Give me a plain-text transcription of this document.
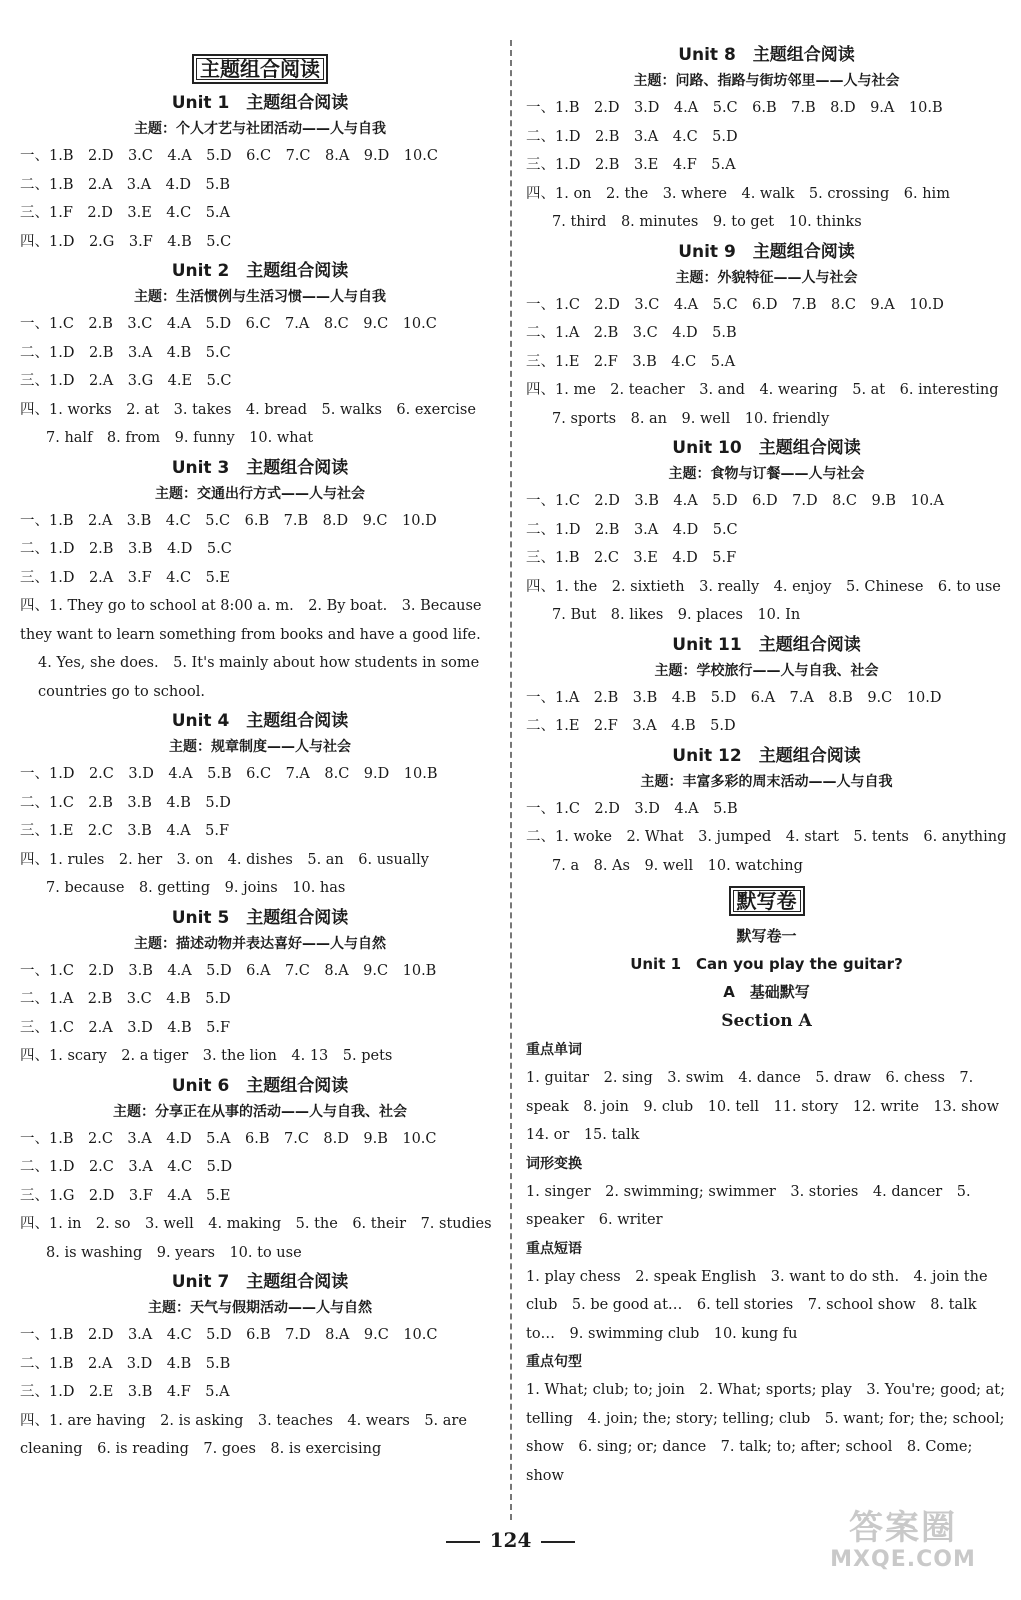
主题组合阅读
Unit 1　主题组合阅读
主题：个人才艺与社团活动——人与自我
一、1.B　2.D　3.C　4.A　5.D　6.C　7.C　8.A　9.D　10.C
二、1.B　2.A　3.A　4.D　5.B
三、1.F　2.D　3.E　4.C　5.A
四、1.D　2.G　3.F　4.B　5.C
Unit 2　主题组合阅读
主题：生活惯例与生活习惯——人与自我
一、1.C　2.B　3.C　4.A　5.D　6.C　7.A　8.C　9.C　10.C
二、1.D　2.B　3.A　4.B　5.C
三、1.D　2.A　3.G　4.E　5.C
四、1. works　2. at　3. takes　4. bread　5. walks　6. exercise
7. half　8. from　9. funny　10. what
Unit 3　主题组合阅读
主题：交通出行方式——人与社会
一、1.B　2.A　3.B　4.C　5.C　6.B　7.B　8.D　9.C　10.D
二、1.D　2.B　3.B　4.D　5.C
三、1.D　2.A　3.F　4.C　5.E
四、1. They go to school at 8:00 a. m.　2. By boat.　3. Because they want to learn something from books and have a good life.
4. Yes, she does.　5. It's mainly about how students in some countries go to school.
Unit 4　主题组合阅读
主题：规章制度——人与社会
一、1.D　2.C　3.D　4.A　5.B　6.C　7.A　8.C　9.D　10.B
二、1.C　2.B　3.B　4.B　5.D
三、1.E　2.C　3.B　4.A　5.F
四、1. rules　2. her　3. on　4. dishes　5. an　6. usually
7. because　8. getting　9. joins　10. has
Unit 5　主题组合阅读
主题：描述动物并表达喜好——人与自然
一、1.C　2.D　3.B　4.A　5.D　6.A　7.C　8.A　9.C　10.B
二、1.A　2.B　3.C　4.B　5.D
三、1.C　2.A　3.D　4.B　5.F
四、1. scary　2. a tiger　3. the lion　4. 13　5. pets
Unit 6　主题组合阅读
主题：分享正在从事的活动——人与自我、社会
一、1.B　2.C　3.A　4.D　5.A　6.B　7.C　8.D　9.B　10.C
二、1.D　2.C　3.A　4.C　5.D
三、1.G　2.D　3.F　4.A　5.E
四、1. in　2. so　3. well　4. making　5. the　6. their　7. studies
8. is washing　9. years　10. to use
Unit 7　主题组合阅读
主题：天气与假期活动——人与自然
一、1.B　2.D　3.A　4.C　5.D　6.B　7.D　8.A　9.C　10.C
二、1.B　2.A　3.D　4.B　5.B
三、1.D　2.E　3.B　4.F　5.A
四、1. are having　2. is asking　3. teaches　4. wears　5. are cleaning　6. is reading　7. goes　8. is exercising
Unit 8　主题组合阅读
主题：问路、指路与街坊邻里——人与社会
一、1.B　2.D　3.D　4.A　5.C　6.B　7.B　8.D　9.A　10.B
二、1.D　2.B　3.A　4.C　5.D
三、1.D　2.B　3.E　4.F　5.A
四、1. on　2. the　3. where　4. walk　5. crossing　6. him
7. third　8. minutes　9. to get　10. thinks
Unit 9　主题组合阅读
主题：外貌特征——人与社会
一、1.C　2.D　3.C　4.A　5.C　6.D　7.B　8.C　9.A　10.D
二、1.A　2.B　3.C　4.D　5.B
三、1.E　2.F　3.B　4.C　5.A
四、1. me　2. teacher　3. and　4. wearing　5. at　6. interesting
7. sports　8. an　9. well　10. friendly
Unit 10　主题组合阅读
主题：食物与订餐——人与社会
一、1.C　2.D　3.B　4.A　5.D　6.D　7.D　8.C　9.B　10.A
二、1.D　2.B　3.A　4.D　5.C
三、1.B　2.C　3.E　4.D　5.F
四、1. the　2. sixtieth　3. really　4. enjoy　5. Chinese　6. to use
7. But　8. likes　9. places　10. In
Unit 11　主题组合阅读
主题：学校旅行——人与自我、社会
一、1.A　2.B　3.B　4.B　5.D　6.A　7.A　8.B　9.C　10.D
二、1.E　2.F　3.A　4.B　5.D
Unit 12　主题组合阅读
主题：丰富多彩的周末活动——人与自我
一、1.C　2.D　3.D　4.A　5.B
二、1. woke　2. What　3. jumped　4. start　5. tents　6. anything
7. a　8. As　9. well　10. watching
默写卷
默写卷一
Unit 1　Can you play the guitar?
A　基础默写
Section A
重点单词
1. guitar　2. sing　3. swim　4. dance　5. draw　6. chess　7. speak　8. join　9. club　10. tell　11. story　12. write　13. show　14. or　15. talk
词形变换
1. singer　2. swimming; swimmer　3. stories　4. dancer　5. speaker　6. writer
重点短语
1. play chess　2. speak English　3. want to do sth.　4. join the club　5. be good at…　6. tell stories　7. school show　8. talk to…　9. swimming club　10. kung fu
重点句型
1. What; club; to; join　2. What; sports; play　3. You're; good; at; telling　4. join; the; story; telling; club　5. want; for; the; school; show　6. sing; or; dance　7. talk; to; after; school　8. Come; show
124	答案圈
MXQE.COM
